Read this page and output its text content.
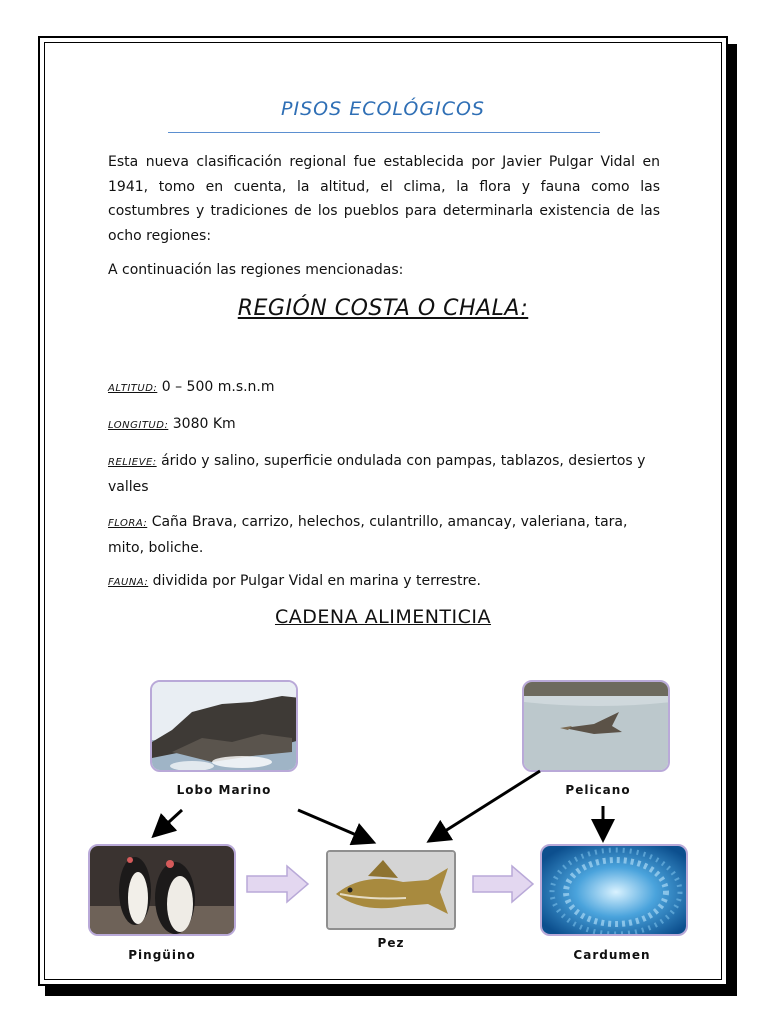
PISOS ECOLÓGICOS
Esta nueva clasificación regional fue establecida por Javier Pulgar Vidal en 1941, tomo en cuenta, la altitud, el clima, la flora y fauna como las costumbres y tradiciones de los pueblos para determinarla existencia de las ocho regiones:
A continuación las regiones mencionadas:
REGIÓN COSTA O CHALA:
ALTITUD: 0 – 500 m.s.n.m
LONGITUD: 3080 Km
RELIEVE: árido y salino, superficie ondulada con pampas, tablazos, desiertos y valles
FLORA: Caña Brava, carrizo, helechos, culantrillo, amancay, valeriana, tara, mito, boliche.
FAUNA: dividida por Pulgar Vidal en marina y terrestre.
CADENA ALIMENTICIA
Lobo Marino	Pelicano
Pingüino
Pez
Cardumen
